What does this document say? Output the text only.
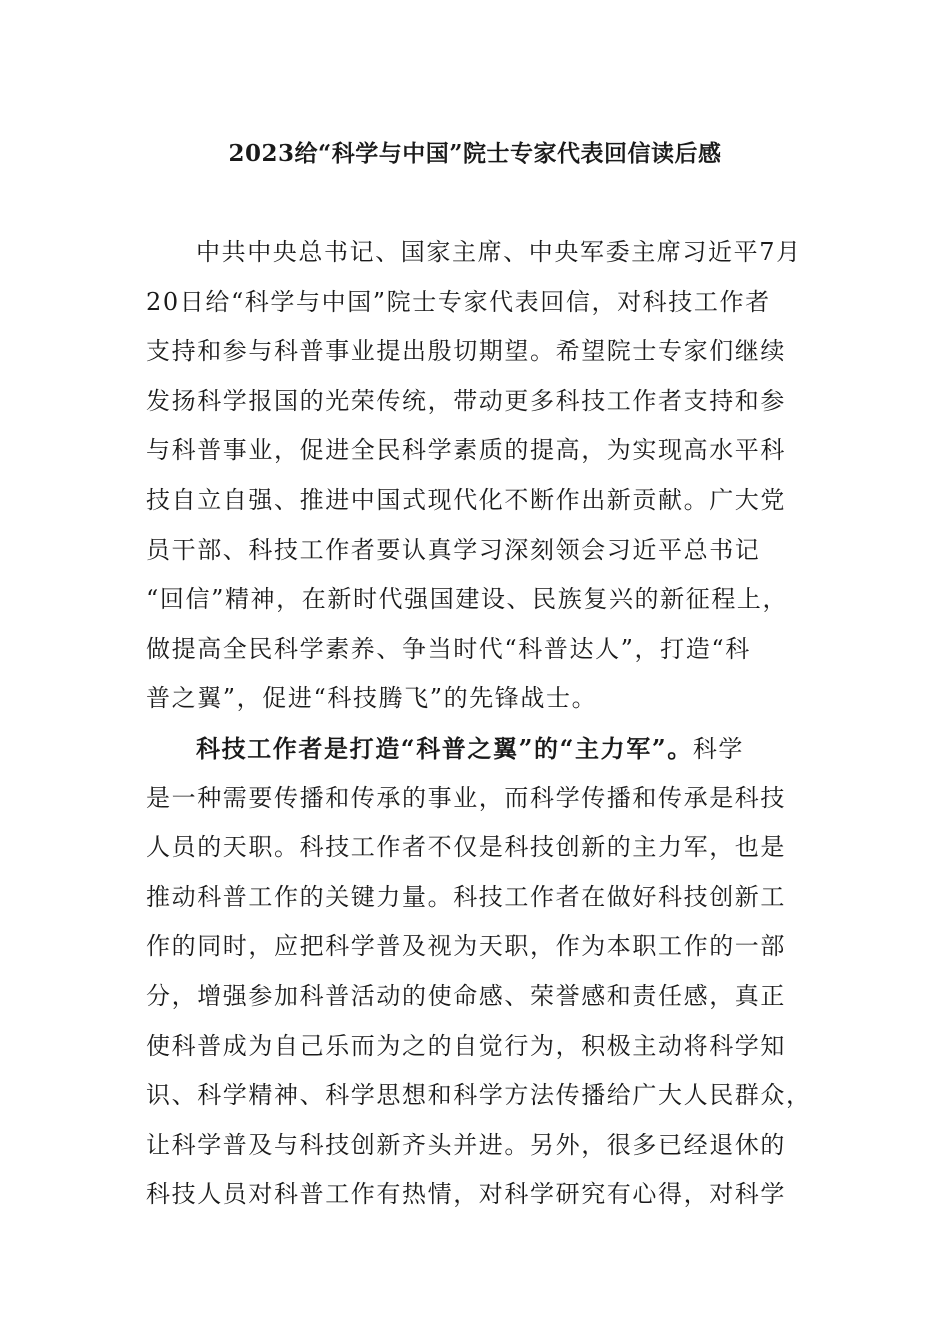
2023给“科学与中国”院士专家代表回信读后感
中共中央总书记、国家主席、中央军委主席习近平7月
20日给“科学与中国”院士专家代表回信，对科技工作者
支持和参与科普事业提出殷切期望。希望院士专家们继续
发扬科学报国的光荣传统，带动更多科技工作者支持和参
与科普事业，促进全民科学素质的提高，为实现高水平科
技自立自强、推进中国式现代化不断作出新贡献。广大党
员干部、科技工作者要认真学习深刻领会习近平总书记
“回信”精神，在新时代强国建设、民族复兴的新征程上，
做提高全民科学素养、争当时代“科普达人”，打造“科
普之翼”，促进“科技腾飞”的先锋战士。
科技工作者是打造“科普之翼”的“主力军”。科学
是一种需要传播和传承的事业，而科学传播和传承是科技
人员的天职。科技工作者不仅是科技创新的主力军，也是
推动科普工作的关键力量。科技工作者在做好科技创新工
作的同时，应把科学普及视为天职，作为本职工作的一部
分，增强参加科普活动的使命感、荣誉感和责任感，真正
使科普成为自己乐而为之的自觉行为，积极主动将科学知
识、科学精神、科学思想和科学方法传播给广大人民群众，
让科学普及与科技创新齐头并进。另外，很多已经退休的
科技人员对科普工作有热情，对科学研究有心得，对科学
